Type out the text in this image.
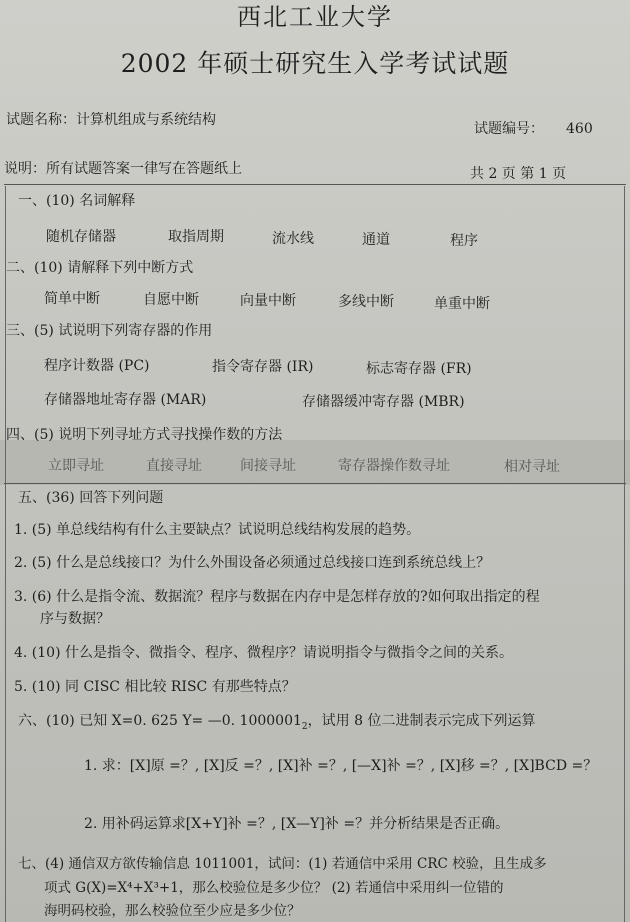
西北工业大学
2002 年硕士研究生入学考试试题
试题名称：计算机组成与系统结构
试题编号： 460
说明：所有试题答案一律写在答题纸上	共 2 页 第 1 页
一、(10) 名词解释
随机存储器	取指周期	流水线	通道	程序
二、(10) 请解释下列中断方式
简单中断	自愿中断	向量中断	多线中断	单重中断
三、(5) 试说明下列寄存器的作用
程序计数器 (PC)	指令寄存器 (IR)	标志寄存器 (FR)
存储器地址寄存器 (MAR)	存储器缓冲寄存器 (MBR)
四、(5) 说明下列寻址方式寻找操作数的方法
立即寻址	直接寻址	间接寻址	寄存器操作数寻址	相对寻址
五、(36) 回答下列问题
1. (5) 单总线结构有什么主要缺点？试说明总线结构发展的趋势。
2. (5) 什么是总线接口？为什么外围设备必须通过总线接口连到系统总线上？
3. (6) 什么是指令流、数据流？程序与数据在内存中是怎样存放的?如何取出指定的程
序与数据？
4. (10) 什么是指令、微指令、程序、微程序？请说明指令与微指令之间的关系。
5. (10) 同 CISC 相比较 RISC 有那些特点？
六、(10) 已知 X=0. 625 Y= —0. $1000001_2$，试用 8 位二进制表示完成下列运算
1. 求：[X]原 =？, [X]反 =？, [X]补 =？, [—X]补 =？, [X]移 =？, [X]BCD =？
2. 用补码运算求[X+Y]补 =？, [X—Y]补 =？并分析结果是否正确。
七、(4) 通信双方欲传输信息 1011001，试问：(1) 若通信中采用 CRC 校验，且生成多
项式 G(X)=X⁴+X³+1，那么校验位是多少位？ (2) 若通信中采用纠一位错的
海明码校验，那么校验位至少应是多少位？
